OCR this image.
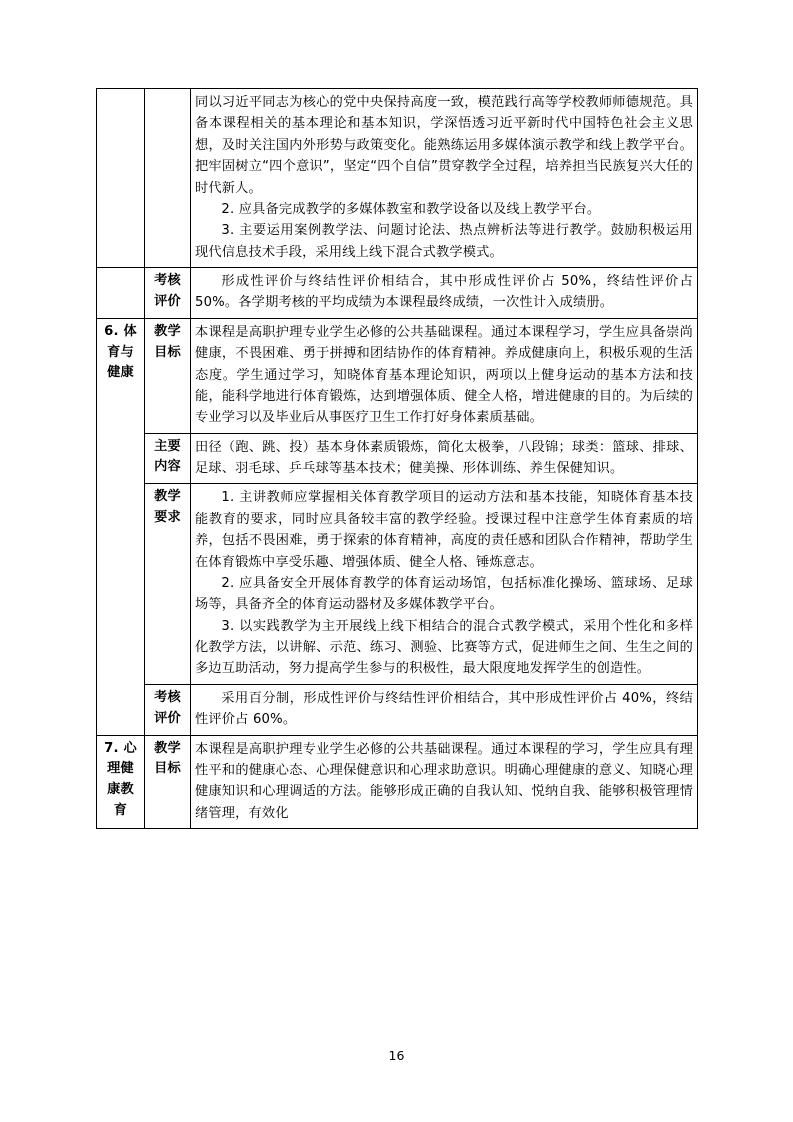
		同以习近平同志为核心的党中央保持高度一致，模范践行高等学校教师师德规范。具备本课程相关的基本理论和基本知识，学深悟透习近平新时代中国特色社会主义思想，及时关注国内外形势与政策变化。能熟练运用多媒体演示教学和线上教学平台。把牢固树立“四个意识”，坚定“四个自信”贯穿教学全过程，培养担当民族复兴大任的时代新人。

2. 应具备完成教学的多媒体教室和教学设备以及线上教学平台。

3. 主要运用案例教学法、问题讨论法、热点辨析法等进行教学。鼓励积极运用现代信息技术手段，采用线上线下混合式教学模式。

	考核评价	形成性评价与终结性评价相结合，其中形成性评价占 50%，终结性评价占 50%。各学期考核的平均成绩为本课程最终成绩，一次性计入成绩册。

6. 体育与健康	教学目标	本课程是高职护理专业学生必修的公共基础课程。通过本课程学习，学生应具备崇尚健康，不畏困难、勇于拼搏和团结协作的体育精神。养成健康向上，积极乐观的生活态度。学生通过学习，知晓体育基本理论知识，两项以上健身运动的基本方法和技能，能科学地进行体育锻炼，达到增强体质、健全人格，增进健康的目的。为后续的专业学习以及毕业后从事医疗卫生工作打好身体素质基础。

	主要内容	田径（跑、跳、投）基本身体素质锻炼，简化太极拳，八段锦；球类：篮球、排球、足球、羽毛球、乒乓球等基本技术；健美操、形体训练、养生保健知识。

	教学要求	1. 主讲教师应掌握相关体育教学项目的运动方法和基本技能，知晓体育基本技能教育的要求，同时应具备较丰富的教学经验。授课过程中注意学生体育素质的培养，包括不畏困难，勇于探索的体育精神，高度的责任感和团队合作精神，帮助学生在体育锻炼中享受乐趣、增强体质、健全人格、锤炼意志。

2. 应具备安全开展体育教学的体育运动场馆，包括标准化操场、篮球场、足球场等，具备齐全的体育运动器材及多媒体教学平台。

3. 以实践教学为主开展线上线下相结合的混合式教学模式，采用个性化和多样化教学方法，以讲解、示范、练习、测验、比赛等方式，促进师生之间、生生之间的多边互助活动，努力提高学生参与的积极性，最大限度地发挥学生的创造性。

	考核评价	采用百分制，形成性评价与终结性评价相结合，其中形成性评价占 40%，终结性评价占 60%。

7. 心理健康教育	教学目标	本课程是高职护理专业学生必修的公共基础课程。通过本课程的学习，学生应具有理性平和的健康心态、心理保健意识和心理求助意识。明确心理健康的意义、知晓心理健康知识和心理调适的方法。能够形成正确的自我认知、悦纳自我、能够积极管理情绪管理，有效化

16
